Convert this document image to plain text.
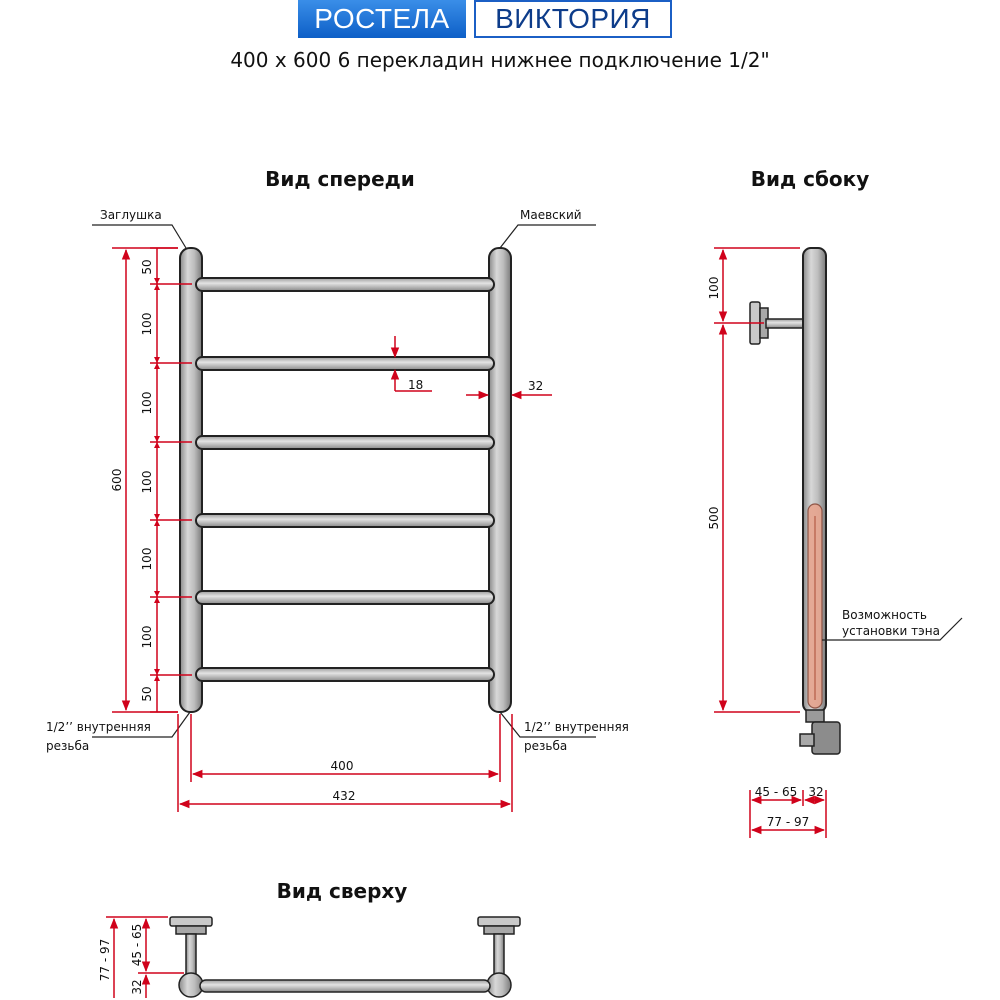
РОСТЕЛА	ВИКТОРИЯ
400 x 600 6 перекладин нижнее подключение 1/2"
Вид спереди
Заглушка	Маевский
1/2’’ внутренняя
резьба
1/2’’ внутренняя
резьба
600
50
100
100
100
100
100
50
18	32
400
432
Вид сбоку
Возможность
установки тэна
100
500
45 - 65 32
77 - 97
Вид сверху
77 - 97 45 - 65
32
